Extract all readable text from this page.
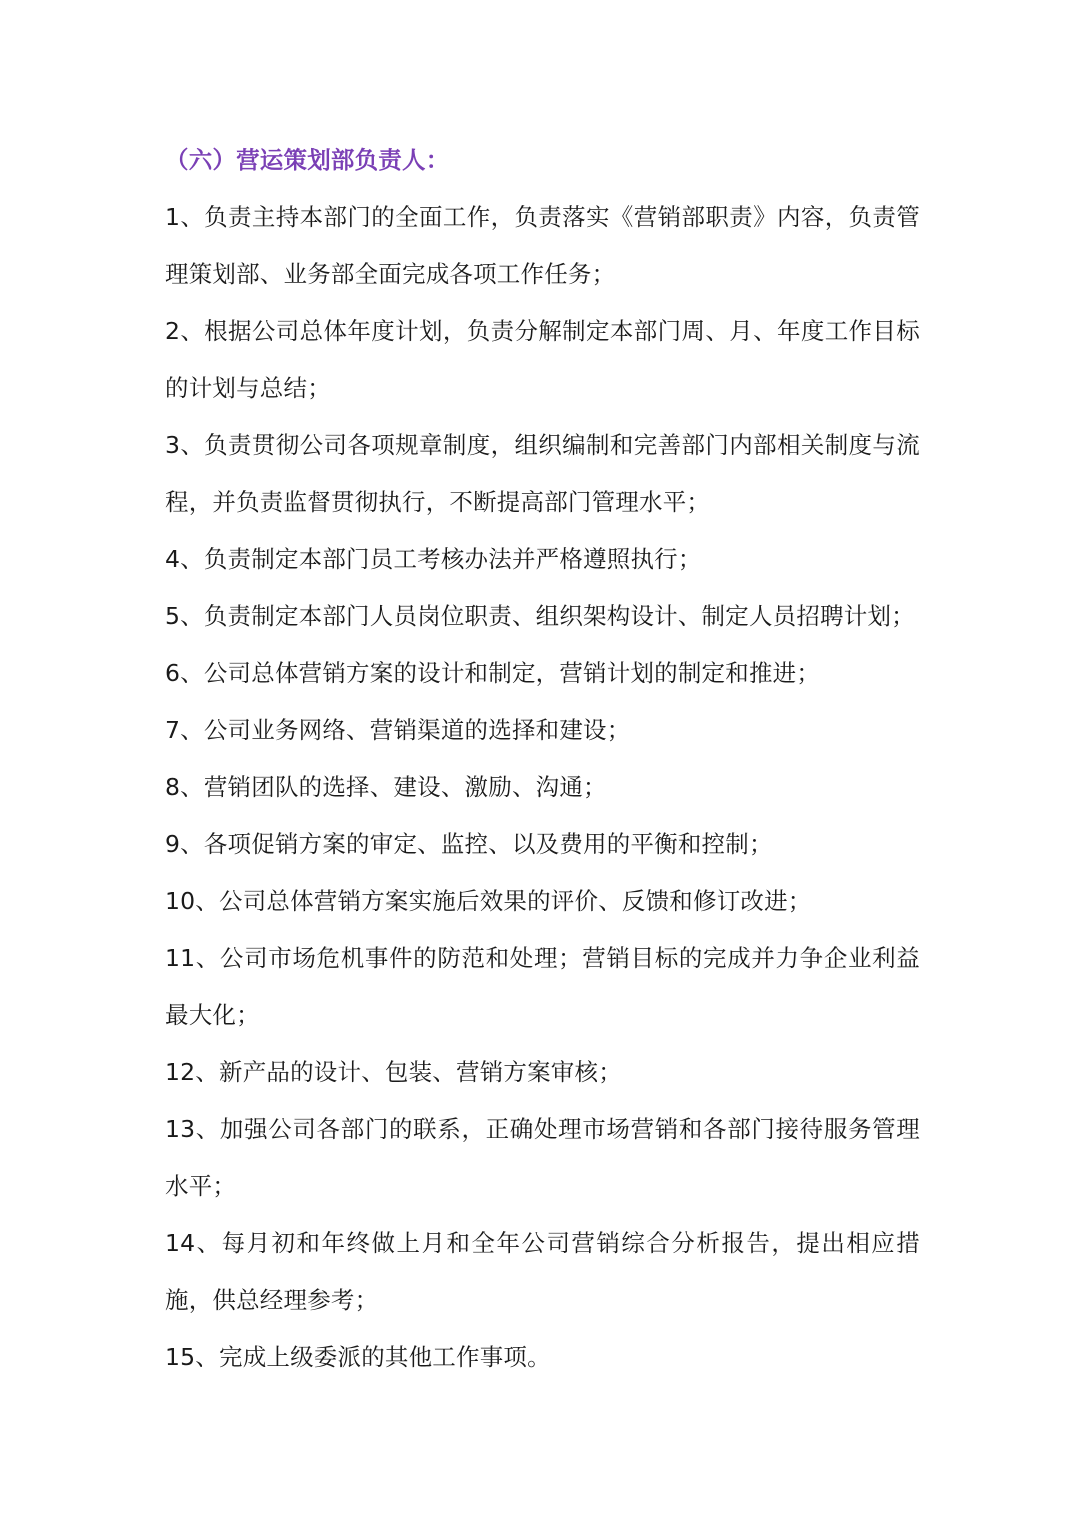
（六）营运策划部负责人：
1、负责主持本部门的全面工作，负责落实《营销部职责》内容，负责管理策划部、业务部全面完成各项工作任务；
2、根据公司总体年度计划，负责分解制定本部门周、月、年度工作目标的计划与总结；
3、负责贯彻公司各项规章制度，组织编制和完善部门内部相关制度与流程，并负责监督贯彻执行，不断提高部门管理水平；
4、负责制定本部门员工考核办法并严格遵照执行；
5、负责制定本部门人员岗位职责、组织架构设计、制定人员招聘计划；
6、公司总体营销方案的设计和制定，营销计划的制定和推进；
7、公司业务网络、营销渠道的选择和建设；
8、营销团队的选择、建设、激励、沟通；
9、各项促销方案的审定、监控、以及费用的平衡和控制；
10、公司总体营销方案实施后效果的评价、反馈和修订改进；
11、公司市场危机事件的防范和处理；营销目标的完成并力争企业利益最大化；
12、新产品的设计、包装、营销方案审核；
13、加强公司各部门的联系，正确处理市场营销和各部门接待服务管理水平；
14、每月初和年终做上月和全年公司营销综合分析报告，提出相应措施，供总经理参考；
15、完成上级委派的其他工作事项。
